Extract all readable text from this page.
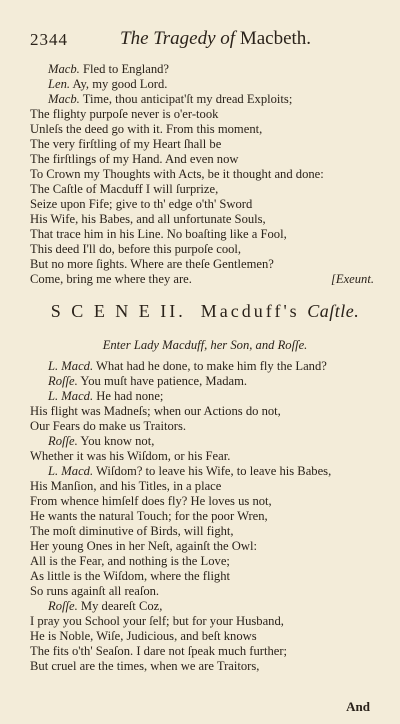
2344	The Tragedy of Macbeth.
Macb. Fled to England?
Len. Ay, my good Lord.
Macb. Time, thou anticipat'ſt my dread Exploits;
The flighty purpoſe never is o'er-took
Unleſs the deed go with it. From this moment,
The very firſtling of my Heart ſhall be
The firſtlings of my Hand. And even now
To Crown my Thoughts with Acts, be it thought and done:
The Caſtle of Macduff I will ſurprize,
Seize upon Fife; give to th' edge o'th' Sword
His Wife, his Babes, and all unfortunate Souls,
That trace him in his Line. No boaſting like a Fool,
This deed I'll do, before this purpoſe cool,
But no more ſights. Where are theſe Gentlemen?
Come, bring me where they are.	[Exeunt.
S C E N E II. Macduff's Caſtle.
Enter Lady Macduff, her Son, and Roſſe.
L. Macd. What had he done, to make him fly the Land?
Roſſe. You muſt have patience, Madam.
L. Macd. He had none;
His flight was Madneſs; when our Actions do not,
Our Fears do make us Traitors.
Roſſe. You know not,
Whether it was his Wiſdom, or his Fear.
L. Macd. Wiſdom? to leave his Wife, to leave his Babes,
His Manſion, and his Titles, in a place
From whence himſelf does fly? He loves us not,
He wants the natural Touch; for the poor Wren,
The moſt diminutive of Birds, will fight,
Her young Ones in her Neſt, againſt the Owl:
All is the Fear, and nothing is the Love;
As little is the Wiſdom, where the flight
So runs againſt all reaſon.
Roſſe. My deareſt Coz,
I pray you School your ſelf; but for your Husband,
He is Noble, Wiſe, Judicious, and beſt knows
The fits o'th' Seaſon. I dare not ſpeak much further;
But cruel are the times, when we are Traitors,
And
